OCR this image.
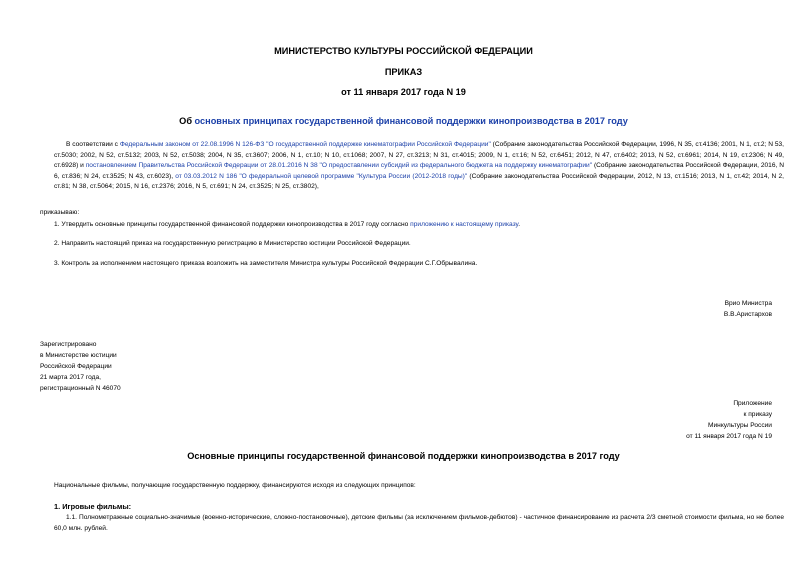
МИНИСТЕРСТВО КУЛЬТУРЫ РОССИЙСКОЙ ФЕДЕРАЦИИ
ПРИКАЗ
от 11 января 2017 года N 19
Об основных принципах государственной финансовой поддержки кинопроизводства в 2017 году
В соответствии с Федеральным законом от 22.08.1996 N 126-ФЗ "О государственной поддержке кинематографии Российской Федерации" (Собрание законодательства Российской Федерации, 1996, N 35, ст.4136; 2001, N 1, ст.2; N 53, ст.5030; 2002, N 52, ст.5132; 2003, N 52, ст.5038; 2004, N 35, ст.3607; 2006, N 1, ст.10; N 10, ст.1068; 2007, N 27, ст.3213; N 31, ст.4015; 2009, N 1, ст.16; N 52, ст.6451; 2012, N 47, ст.6402; 2013, N 52, ст.6961; 2014, N 19, ст.2306; N 49, ст.6928) и постановлением Правительства Российской Федерации от 28.01.2016 N 38 "О предоставлении субсидий из федерального бюджета на поддержку кинематографии" (Собрание законодательства Российской Федерации, 2016, N 6, ст.836; N 24, ст.3525; N 43, ст.6023), от 03.03.2012 N 186 "О федеральной целевой программе "Культура России (2012-2018 годы)" (Собрание законодательства Российской Федерации, 2012, N 13, ст.1516; 2013, N 1, ст.42; 2014, N 2, ст.81; N 38, ст.5064; 2015, N 16, ст.2376; 2016, N 5, ст.691; N 24, ст.3525; N 25, ст.3802),
приказываю:
1. Утвердить основные принципы государственной финансовой поддержки кинопроизводства в 2017 году согласно приложению к настоящему приказу.
2. Направить настоящий приказ на государственную регистрацию в Министерство юстиции Российской Федерации.
3. Контроль за исполнением настоящего приказа возложить на заместителя Министра культуры Российской Федерации С.Г.Обрывалина.
Врио Министра
В.В.Аристархов
Зарегистрировано
в Министерстве юстиции
Российской Федерации
21 марта 2017 года,
регистрационный N 46070
Приложение
к приказу
Минкультуры России
от 11 января 2017 года N 19
Основные принципы государственной финансовой поддержки кинопроизводства в 2017 году
Национальные фильмы, получающие государственную поддержку, финансируются исходя из следующих принципов:
1. Игровые фильмы:
1.1. Полнометражные социально-значимые (военно-исторические, сложно-постановочные), детские фильмы (за исключением фильмов-дебютов) - частичное финансирование из расчета 2/3 сметной стоимости фильма, но не более 60,0 млн. рублей.
